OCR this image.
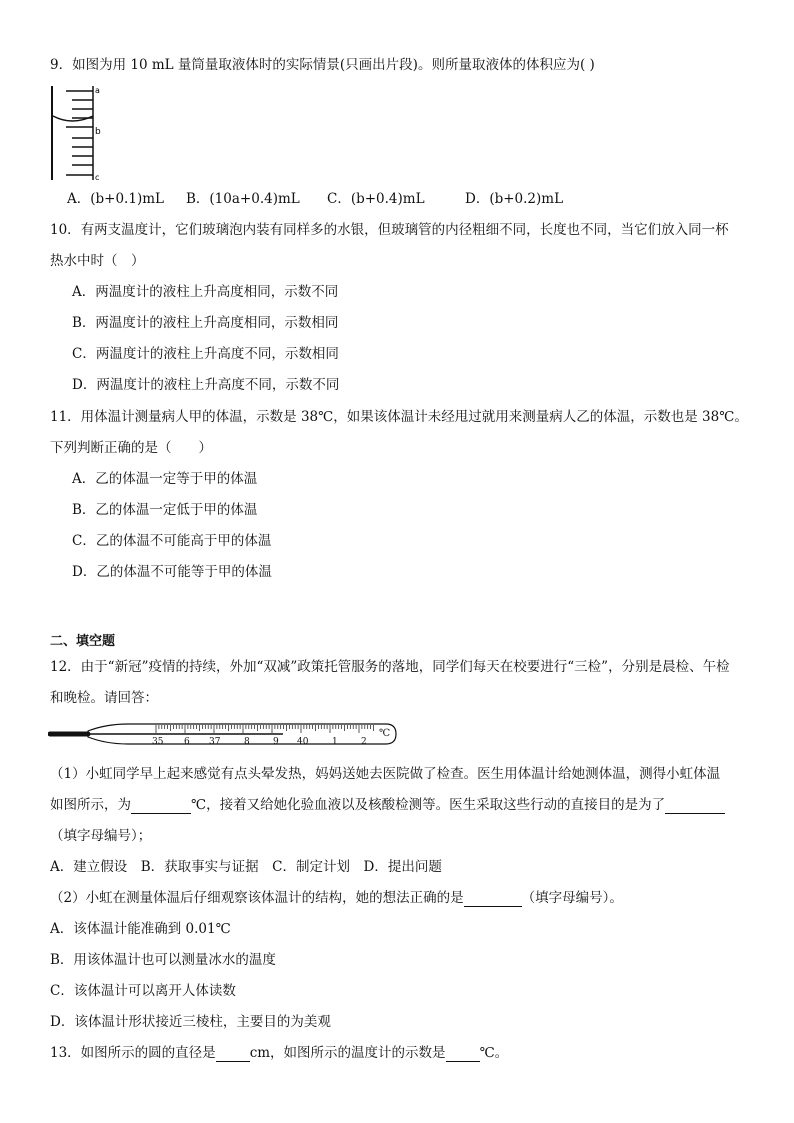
9．如图为用 10 mL 量筒量取液体时的实际情景(只画出片段)。则所量取液体的体积应为( )
a
b
c
A．(b+0.1)mL B．(10a+0.4)mL C．(b+0.4)mL	D．(b+0.2)mL
10．有两支温度计，它们玻璃泡内装有同样多的水银，但玻璃管的内径粗细不同，长度也不同，当它们放入同一杯
热水中时（　）
A．两温度计的液柱上升高度相同，示数不同
B．两温度计的液柱上升高度相同，示数相同
C．两温度计的液柱上升高度不同，示数相同
D．两温度计的液柱上升高度不同，示数不同
11．用体温计测量病人甲的体温，示数是 38℃，如果该体温计未经甩过就用来测量病人乙的体温，示数也是 38℃。
下列判断正确的是（　　）
A．乙的体温一定等于甲的体温
B．乙的体温一定低于甲的体温
C．乙的体温不可能高于甲的体温
D．乙的体温不可能等于甲的体温
二、填空题
12．由于“新冠”疫情的持续，外加“双减”政策托管服务的落地，同学们每天在校要进行“三检”，分别是晨检、午检
和晚检。请回答：
35 6 37	8	9 40	1	2
℃
（1）小虹同学早上起来感觉有点头晕发热，妈妈送她去医院做了检查。医生用体温计给她测体温，测得小虹体温
如图所示，为	℃，接着又给她化验血液以及核酸检测等。医生采取这些行动的直接目的是为了
（填字母编号）；
A．建立假设　B．获取事实与证据　C．制定计划　D．提出问题
（2）小虹在测量体温后仔细观察该体温计的结构，她的想法正确的是	（填字母编号）。
A．该体温计能准确到 0.01℃
B．用该体温计也可以测量冰水的温度
C．该体温计可以离开人体读数
D．该体温计形状接近三棱柱，主要目的为美观
13．如图所示的圆的直径是	cm，如图所示的温度计的示数是	℃。
